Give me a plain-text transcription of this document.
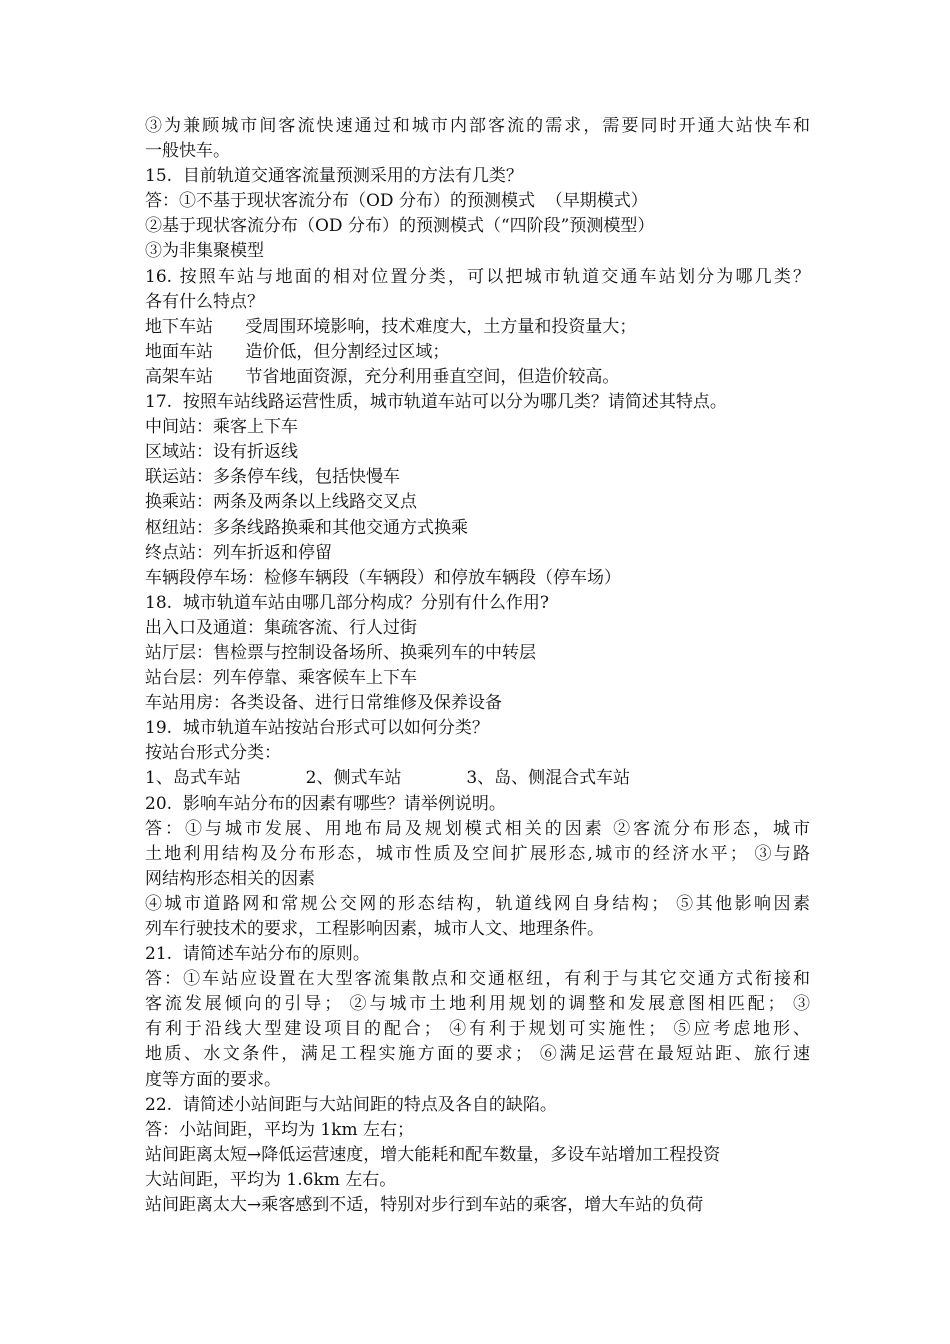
③为兼顾城市间客流快速通过和城市内部客流的需求，需要同时开通大站快车和
一般快车。
15.  目前轨道交通客流量预测采用的方法有几类？
答：①不基于现状客流分布（OD 分布）的预测模式  （早期模式）
②基于现状客流分布（OD 分布）的预测模式（“四阶段”预测模型）
③为非集聚模型
16. 按照车站与地面的相对位置分类，可以把城市轨道交通车站划分为哪几类？
各有什么特点？
地下车站      受周围环境影响，技术难度大，土方量和投资量大；
地面车站      造价低，但分割经过区域；
高架车站      节省地面资源，充分利用垂直空间，但造价较高。
17.  按照车站线路运营性质，城市轨道车站可以分为哪几类？请简述其特点。
中间站：乘客上下车
区域站：设有折返线
联运站：多条停车线，包括快慢车
换乘站：两条及两条以上线路交叉点
枢纽站：多条线路换乘和其他交通方式换乘
终点站：列车折返和停留
车辆段停车场：检修车辆段（车辆段）和停放车辆段（停车场）
18.  城市轨道车站由哪几部分构成？分别有什么作用?
出入口及通道：集疏客流、行人过街
站厅层：售检票与控制设备场所、换乘列车的中转层
站台层：列车停靠、乘客候车上下车
车站用房：各类设备、进行日常维修及保养设备
19.  城市轨道车站按站台形式可以如何分类？
按站台形式分类：
1、岛式车站            2、侧式车站            3、岛、侧混合式车站
20.  影响车站分布的因素有哪些？请举例说明。
答：①与城市发展、用地布局及规划模式相关的因素 ②客流分布形态，城市
土地利用结构及分布形态，城市性质及空间扩展形态,城市的经济水平； ③与路
网结构形态相关的因素
④城市道路网和常规公交网的形态结构，轨道线网自身结构； ⑤其他影响因素
列车行驶技术的要求，工程影响因素，城市人文、地理条件。
21.  请简述车站分布的原则。
答：①车站应设置在大型客流集散点和交通枢纽，有利于与其它交通方式衔接和
客流发展倾向的引导； ②与城市土地利用规划的调整和发展意图相匹配； ③
有利于沿线大型建设项目的配合； ④有利于规划可实施性； ⑤应考虑地形、
地质、水文条件，满足工程实施方面的要求； ⑥满足运营在最短站距、旅行速
度等方面的要求。
22.  请简述小站间距与大站间距的特点及各自的缺陷。
答：小站间距，平均为 1km 左右；
站间距离太短→降低运营速度，增大能耗和配车数量，多设车站增加工程投资
大站间距，平均为 1.6km 左右。
站间距离太大→乘客感到不适，特别对步行到车站的乘客，增大车站的负荷
